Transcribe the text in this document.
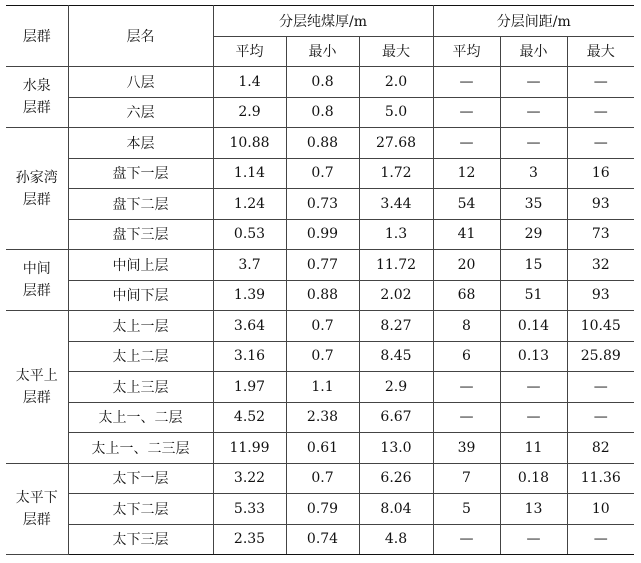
层群	层名	分层纯煤厚/m			分层间距/m		
		平均	最小	最大	平均	最小	最大

水泉
层群	八层	1.4	0.8	2.0	—	—	—
	六层	2.9	0.8	5.0	—	—	—

孙家湾
层群	本层	10.88	0.88	27.68	—	—	—
	盘下一层	1.14	0.7	1.72	12	3	16
	盘下二层	1.24	0.73	3.44	54	35	93
	盘下三层	0.53	0.99	1.3	41	29	73

中间
层群	中间上层	3.7	0.77	11.72	20	15	32
	中间下层	1.39	0.88	2.02	68	51	93

太平上
层群	太上一层	3.64	0.7	8.27	8	0.14	10.45
	太上二层	3.16	0.7	8.45	6	0.13	25.89
	太上三层	1.97	1.1	2.9	—	—	—
	太上一、二层	4.52	2.38	6.67	—	—	—
	太上一、二三层	11.99	0.61	13.0	39	11	82

太平下
层群	太下一层	3.22	0.7	6.26	7	0.18	11.36
	太下二层	5.33	0.79	8.04	5	13	10
	太下三层	2.35	0.74	4.8	—	—	—
